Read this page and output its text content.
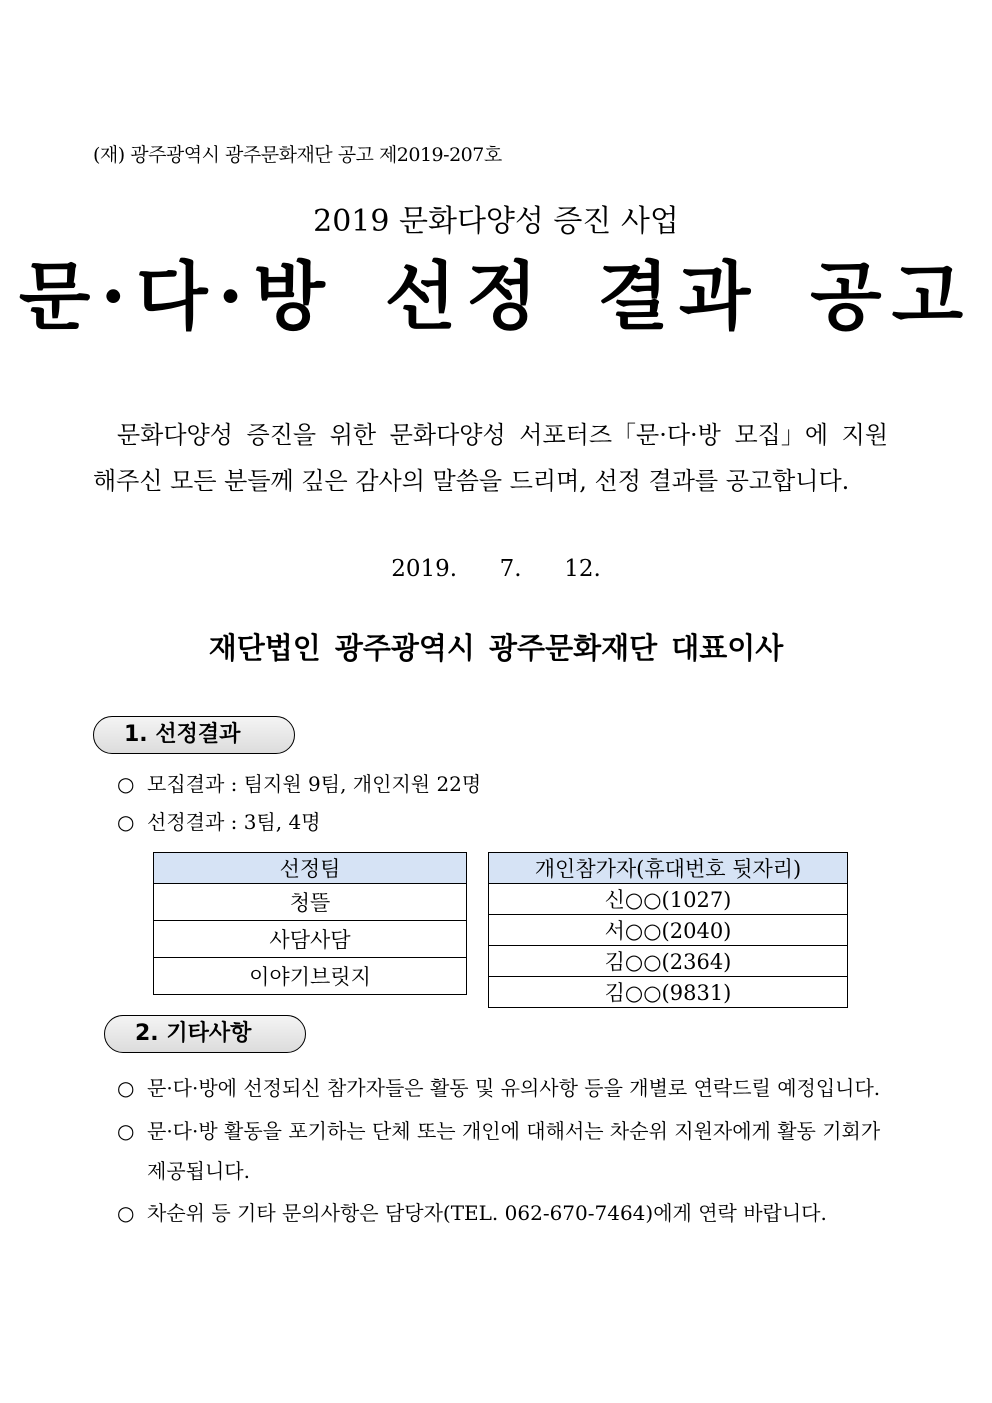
(재) 광주광역시 광주문화재단 공고 제2019-207호
2019 문화다양성 증진 사업
문·다·방 선정 결과 공고

문화다양성 증진을 위한 문화다양성 서포터즈「문·다·방 모집」에 지원

해주신 모든 분들께 깊은 감사의 말씀을 드리며, 선정 결과를 공고합니다.

2019.  7.  12.
재단법인 광주광역시 광주문화재단 대표이사
1. 선정결과
○ 모집결과 : 팀지원 9팀, 개인지원 22명
○ 선정결과 : 3팀, 4명
선정팀
청뜰
사담사담
이야기브릿지
개인참가자(휴대번호 뒷자리)
신○○(1027)
서○○(2040)
김○○(2364)
김○○(9831)
2. 기타사항
○ 문·다·방에 선정되신 참가자들은 활동 및 유의사항 등을 개별로 연락드릴 예정입니다.
○ 문·다·방 활동을 포기하는 단체 또는 개인에 대해서는 차순위 지원자에게 활동 기회가
제공됩니다.
○ 차순위 등 기타 문의사항은 담당자(TEL. 062-670-7464)에게 연락 바랍니다.
